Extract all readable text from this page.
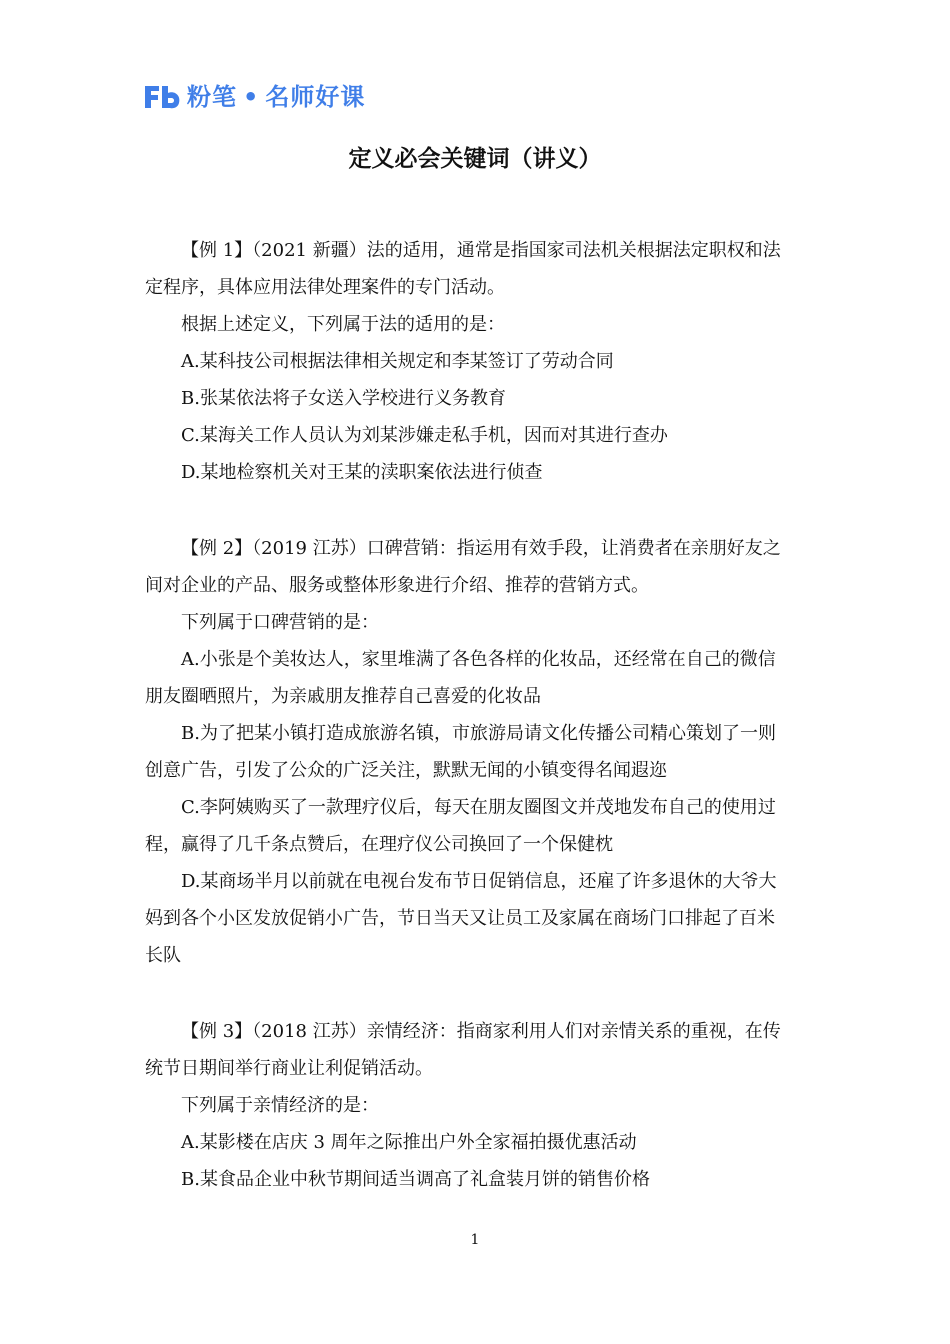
粉笔 • 名师好课
定义必会关键词（讲义）
【例 1】（2021 新疆）法的适用，通常是指国家司法机关根据法定职权和法
定程序，具体应用法律处理案件的专门活动。
根据上述定义，下列属于法的适用的是：
A.某科技公司根据法律相关规定和李某签订了劳动合同
B.张某依法将子女送入学校进行义务教育
C.某海关工作人员认为刘某涉嫌走私手机，因而对其进行查办
D.某地检察机关对王某的渎职案依法进行侦查
【例 2】（2019 江苏）口碑营销：指运用有效手段，让消费者在亲朋好友之
间对企业的产品、服务或整体形象进行介绍、推荐的营销方式。
下列属于口碑营销的是：
A.小张是个美妆达人，家里堆满了各色各样的化妆品，还经常在自己的微信
朋友圈晒照片，为亲戚朋友推荐自己喜爱的化妆品
B.为了把某小镇打造成旅游名镇，市旅游局请文化传播公司精心策划了一则
创意广告，引发了公众的广泛关注，默默无闻的小镇变得名闻遐迩
C.李阿姨购买了一款理疗仪后，每天在朋友圈图文并茂地发布自己的使用过
程，赢得了几千条点赞后，在理疗仪公司换回了一个保健枕
D.某商场半月以前就在电视台发布节日促销信息，还雇了许多退休的大爷大
妈到各个小区发放促销小广告，节日当天又让员工及家属在商场门口排起了百米
长队
【例 3】（2018 江苏）亲情经济：指商家利用人们对亲情关系的重视，在传
统节日期间举行商业让利促销活动。
下列属于亲情经济的是：
A.某影楼在店庆 3 周年之际推出户外全家福拍摄优惠活动
B.某食品企业中秋节期间适当调高了礼盒装月饼的销售价格
1
